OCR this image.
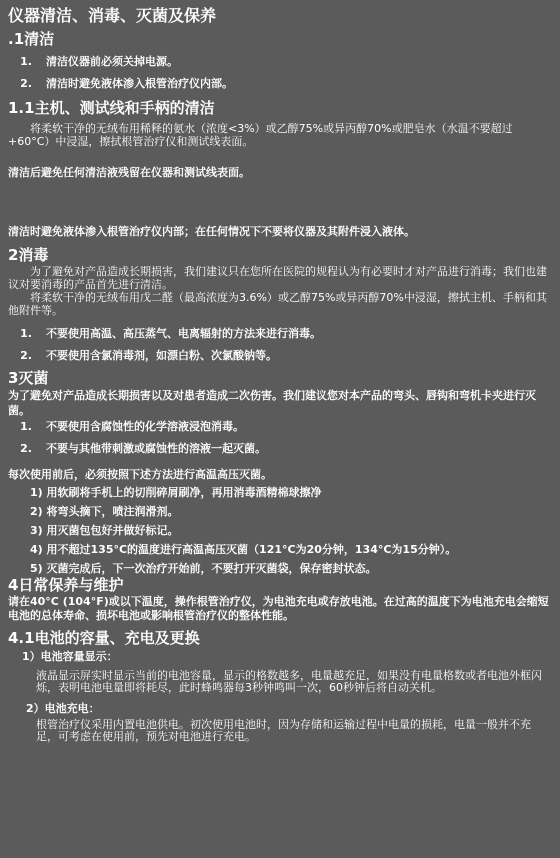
仪器清洁、消毒、灭菌及保养
.1清洁
1. 清洁仪器前必须关掉电源。
2. 清洁时避免液体渗入根管治疗仪内部。
1.1主机、测试线和手柄的清洁

将柔软干净的无绒布用稀释的氨水（浓度<3%）或乙醇75%或异丙醇70%或肥皂水（水温不要超过+60°C）中浸湿，擦拭根管治疗仪和测试线表面。

清洁后避免任何清洁液残留在仪器和测试线表面。

清洁时避免液体渗入根管治疗仪内部；在任何情况下不要将仪器及其附件浸入液体。

2消毒

为了避免对产品造成长期损害，我们建议只在您所在医院的规程认为有必要时才对产品进行消毒；我们也建议对要消毒的产品首先进行清洁。

将柔软干净的无绒布用戊二醛（最高浓度为3.6%）或乙醇75%或异丙醇70%中浸湿，擦拭主机、手柄和其他附件等。

1. 不要使用高温、高压蒸气、电离辐射的方法来进行消毒。
2. 不要使用含氯消毒剂，如漂白粉、次氯酸钠等。
3灭菌

为了避免对产品造成长期损害以及对患者造成二次伤害。我们建议您对本产品的弯头、唇钩和弯机卡夹进行灭菌。

1. 不要使用含腐蚀性的化学溶液浸泡消毒。
2. 不要与其他带刺激或腐蚀性的溶液一起灭菌。

每次使用前后，必须按照下述方法进行高温高压灭菌。

1) 用软刷将手机上的切削碎屑刷净，再用消毒酒精棉球擦净
2) 将弯头摘下，喷注润滑剂。
3) 用灭菌包包好并做好标记。
4) 用不超过135°C的温度进行高温高压灭菌（121°C为20分钟，134°C为15分钟）。
5) 灭菌完成后，下一次治疗开始前，不要打开灭菌袋，保存密封状态。
4日常保养与维护

请在40°C (104°F)或以下温度，操作根管治疗仪，为电池充电或存放电池。在过高的温度下为电池充电会缩短电池的总体寿命、损坏电池或影响根管治疗仪的整体性能。

4.1电池的容量、充电及更换
1）电池容量显示：

液晶显示屏实时显示当前的电池容量，显示的格数越多，电量越充足，如果没有电量格数或者电池外框闪烁，表明电池电量即将耗尽，此时蜂鸣器每3秒钟鸣叫一次，60秒钟后将自动关机。

2）电池充电：

根管治疗仪采用内置电池供电。初次使用电池时，因为存储和运输过程中电量的损耗，电量一般并不充足，可考虑在使用前，预先对电池进行充电。
